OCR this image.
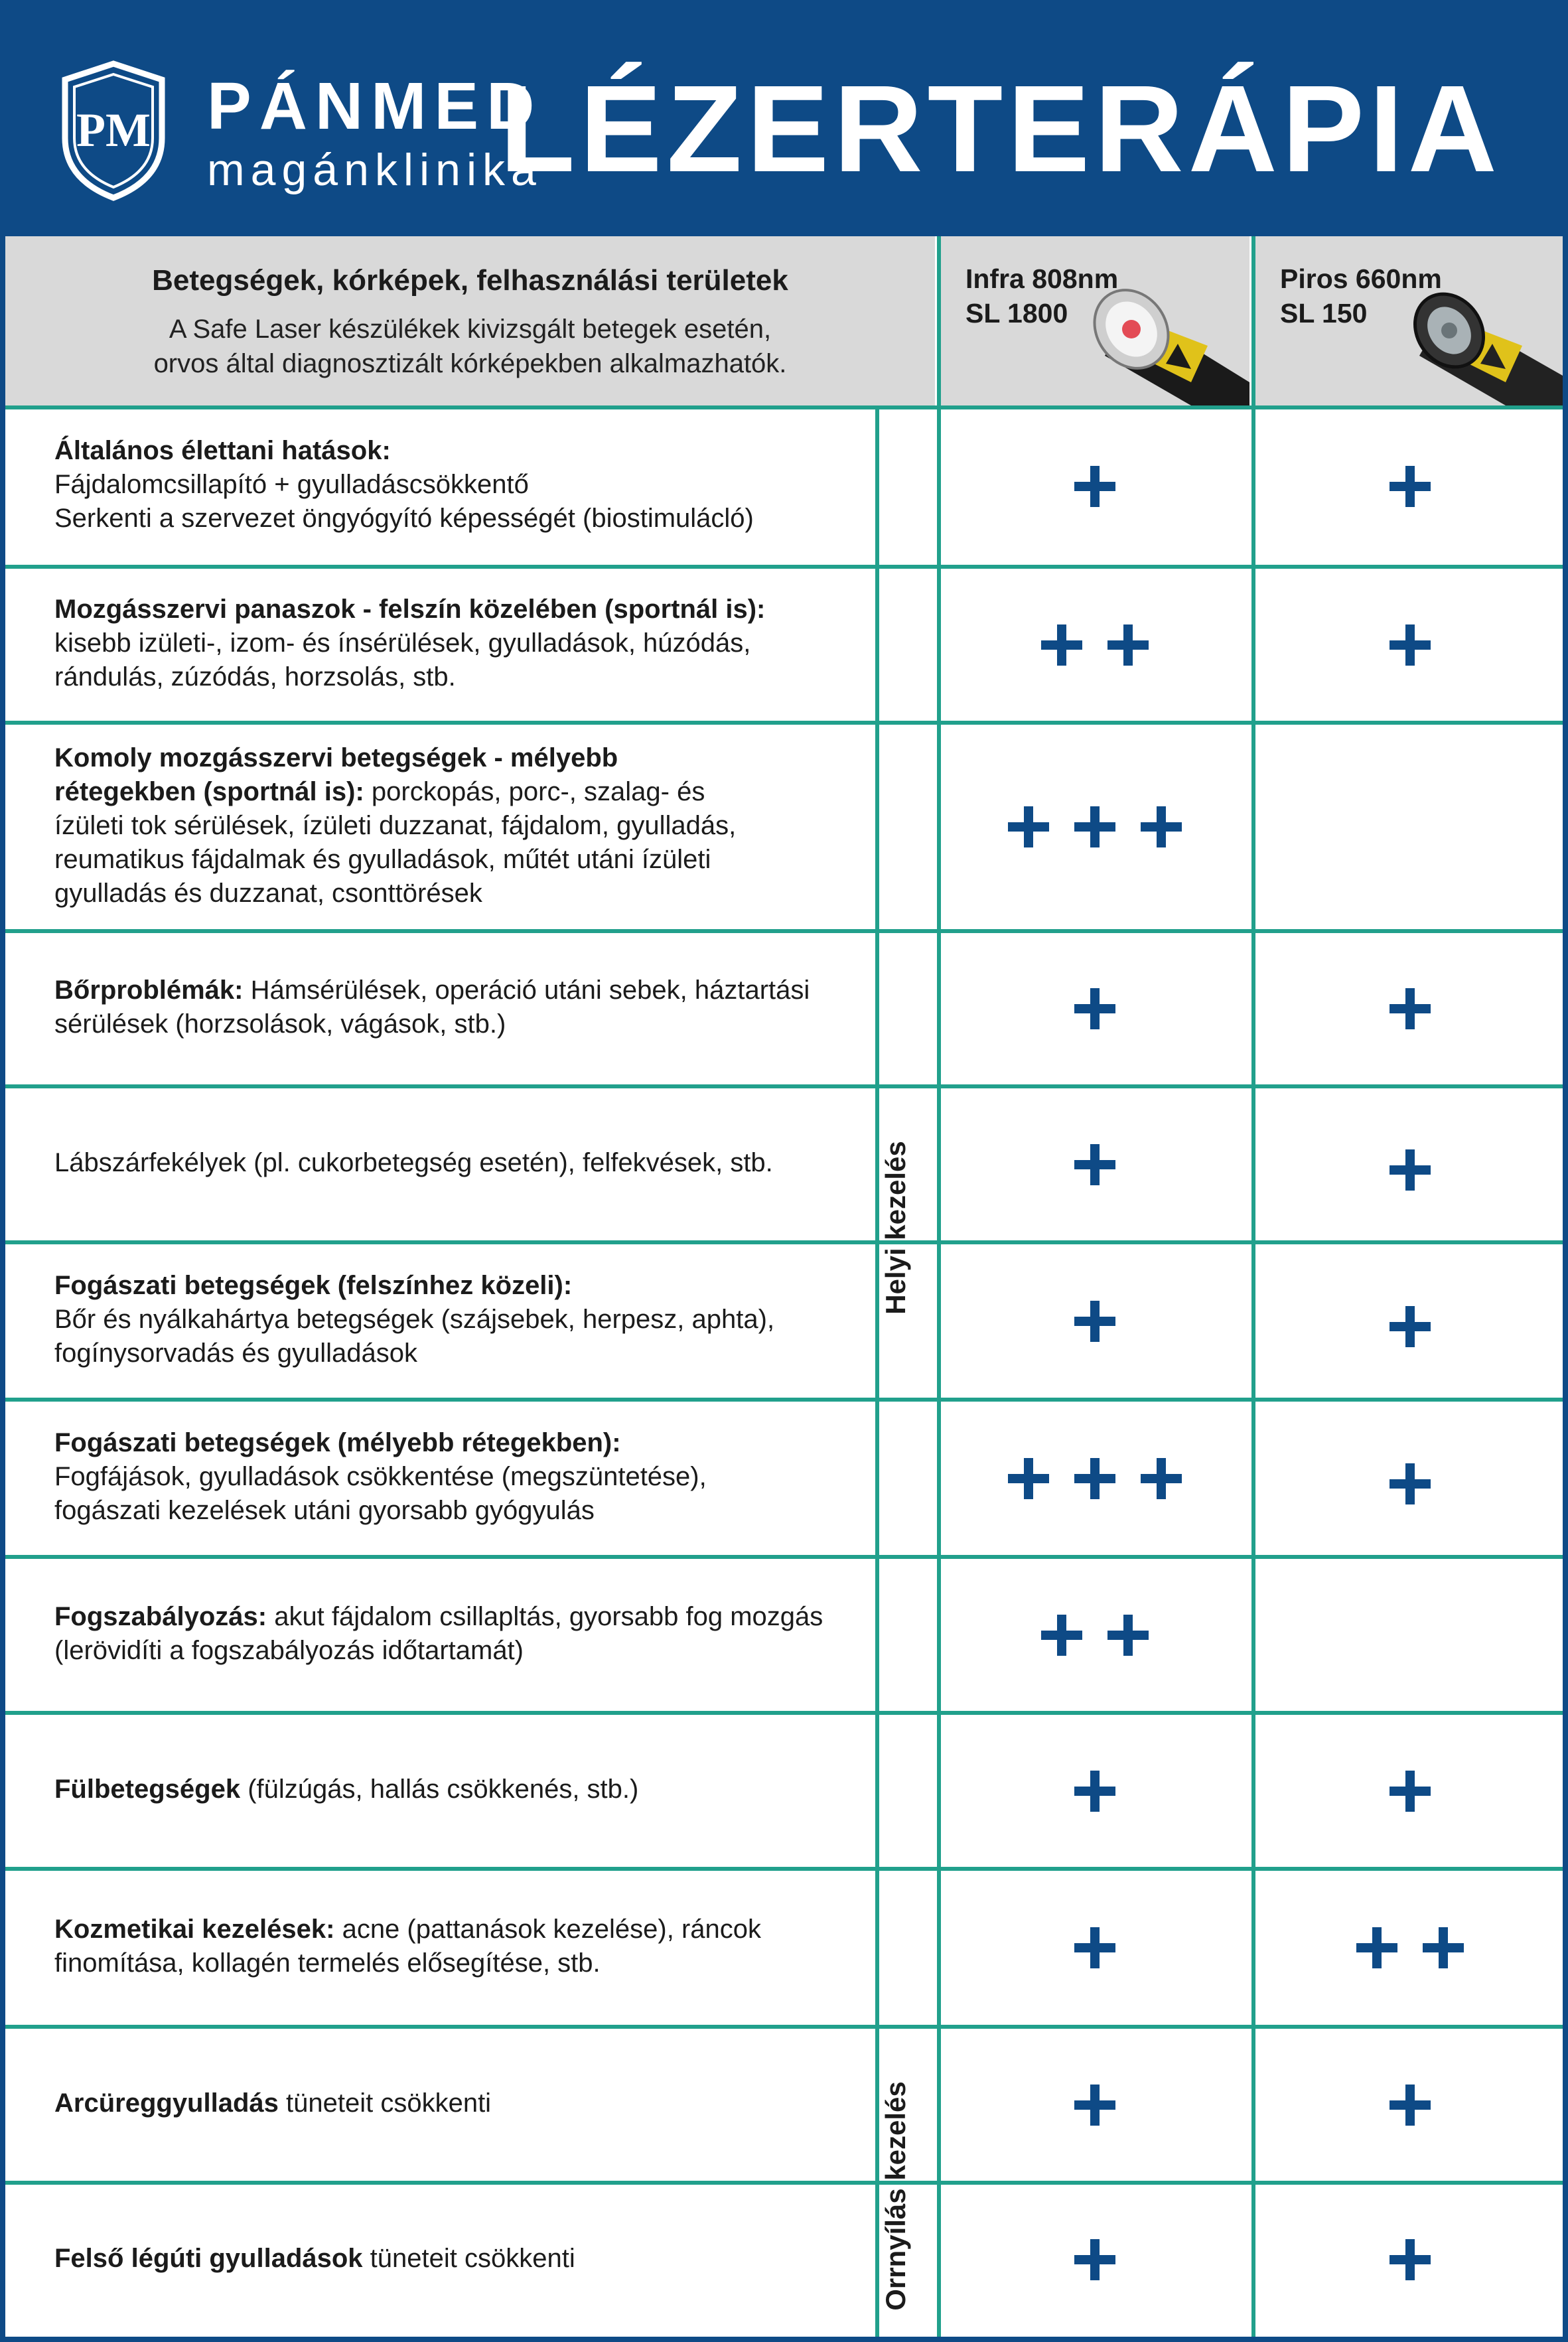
PM PÁNMED
magánklinika
LÉZERTERÁPIA
Betegségek, kórképek, felhasználási területek
A Safe Laser készülékek kivizsgált betegek esetén,
orvos által diagnosztizált kórképekben alkalmazhatók.
Infra 808nm
SL 1800
Piros 660nm
SL 150
Általános élettani hatások:
Fájdalomcsillapító + gyulladáscsökkentő
Serkenti a szervezet öngyógyító képességét (biostimulácló)
Mozgásszervi panaszok - felszín közelében (sportnál is):
kisebb izületi-, izom- és ínsérülések, gyulladások, húzódás,
rándulás, zúzódás, horzsolás, stb.
Komoly mozgásszervi betegségek - mélyebb rétegekben (sportnál is): porckopás, porc-, szalag- és ízületi tok sérülések, ízületi duzzanat, fájdalom, gyulladás, reumatikus fájdalmak és gyulladások, műtét utáni ízületi gyulladás és duzzanat, csonttörések
Bőrproblémák: Hámsérülések, operáció utáni sebek, háztartási sérülések (horzsolások, vágások, stb.)
Lábszárfekélyek (pl. cukorbetegség esetén), felfekvések, stb.
Fogászati betegségek (felszínhez közeli):
Bőr és nyálkahártya betegségek (szájsebek, herpesz, aphta),
fogínysorvadás és gyulladások
Fogászati betegségek (mélyebb rétegekben):
Fogfájások, gyulladások csökkentése (megszüntetése),
fogászati kezelések utáni gyorsabb gyógyulás
Fogszabályozás: akut fájdalom csillapltás, gyorsabb fog mozgás (lerövidíti a fogszabályozás időtartamát)
Fülbetegségek (fülzúgás, hallás csökkenés, stb.)
Kozmetikai kezelések: acne (pattanások kezelése), ráncok finomítása, kollagén termelés elősegítése, stb.
Arcüreggyulladás tüneteit csökkenti
Felső légúti gyulladások tüneteit csökkenti
Helyi kezelés
Orrnyílás kezelés
